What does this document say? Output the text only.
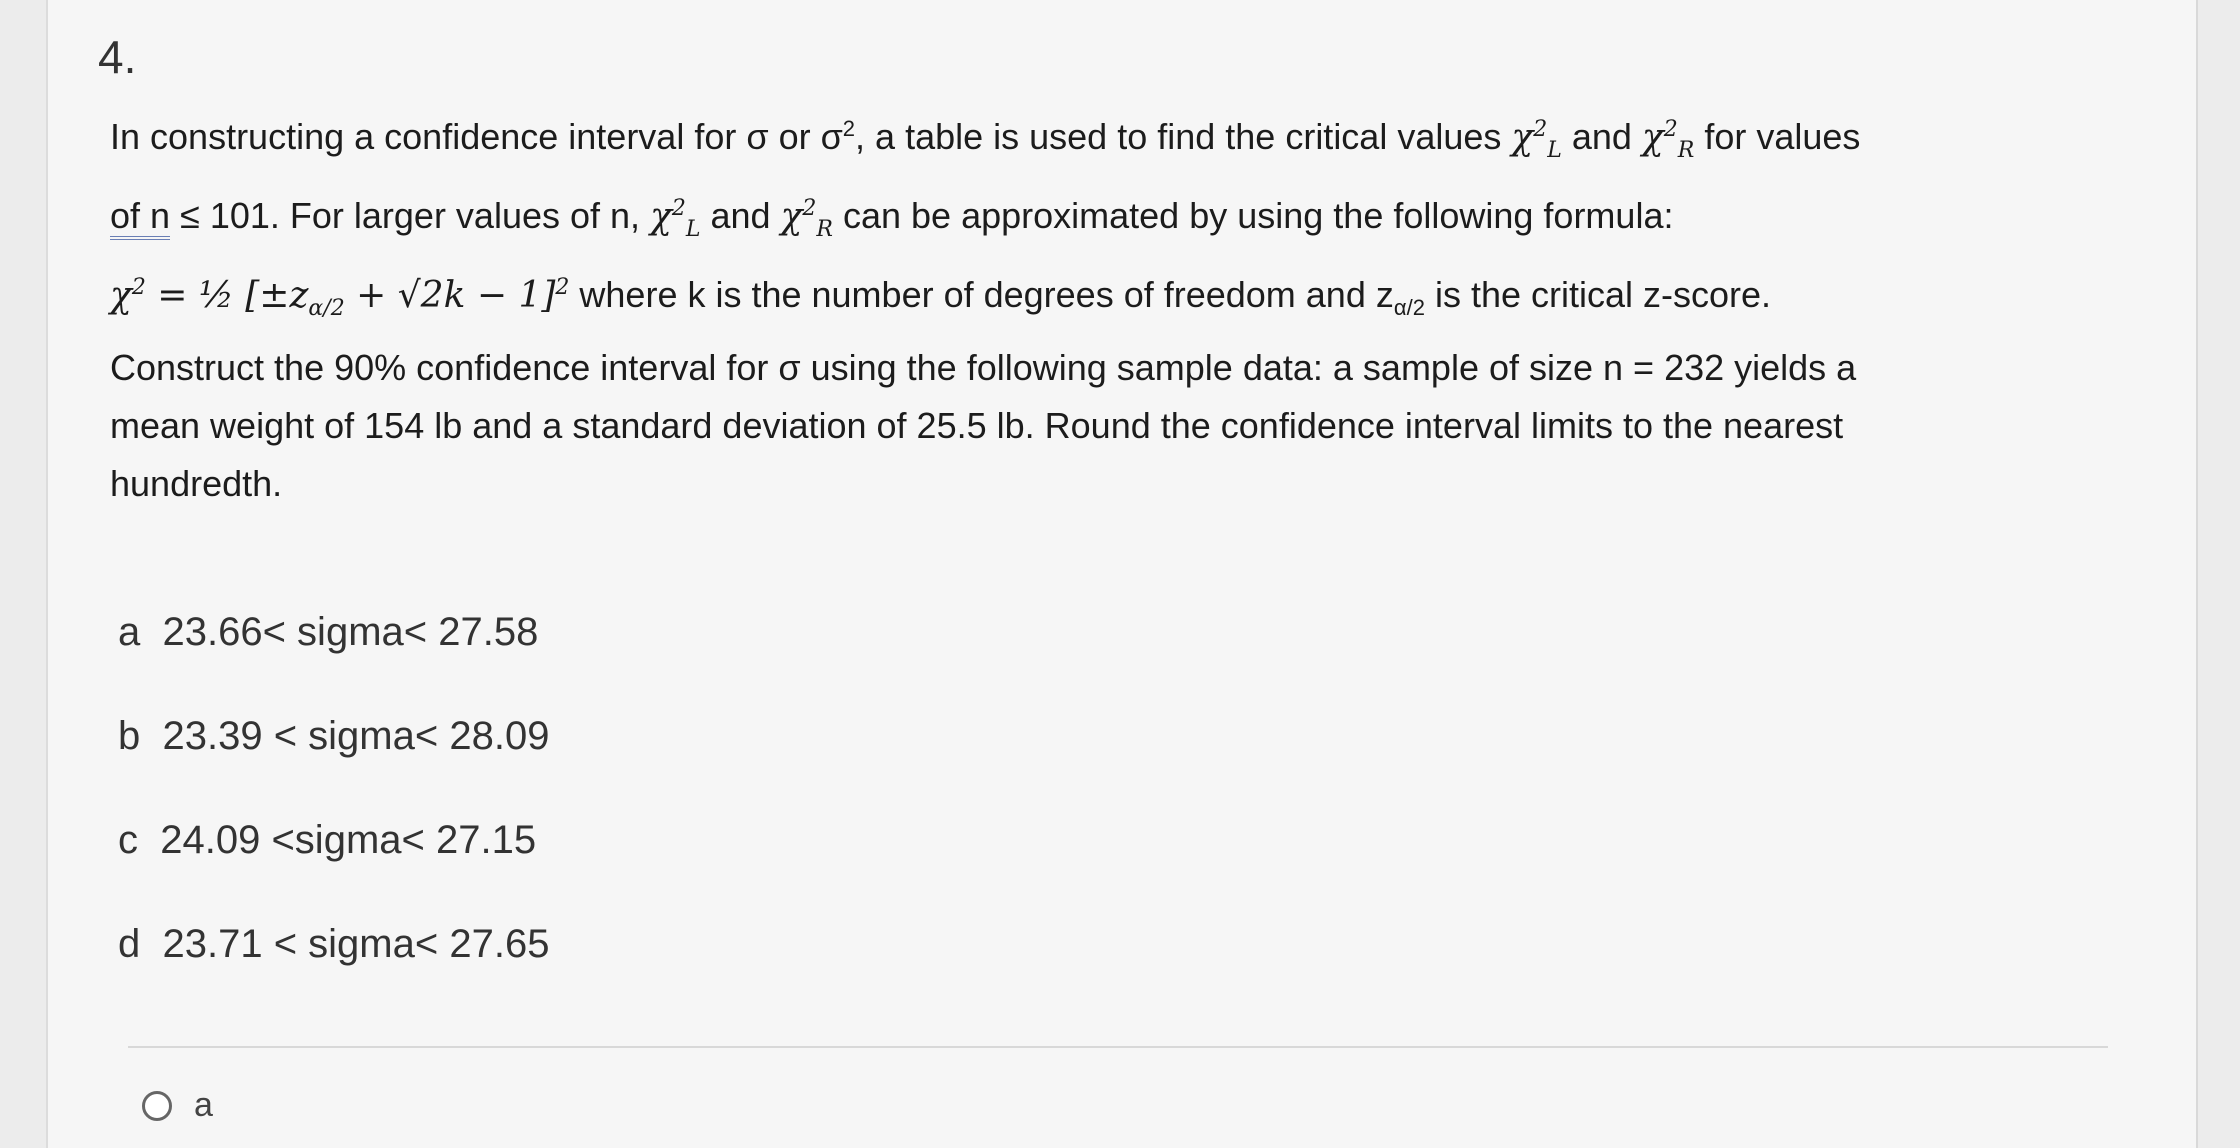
4.

In constructing a confidence interval for σ or $\sigma^2$, a table is used to find the critical values $\chi^2_L$ and $\chi^2_R$ for values

of n ≤ 101. For larger values of n, $\chi^2_L$ and $\chi^2_R$ can be approximated by using the following formula:

$\chi^2$ = ½ $[\pm z_{\alpha/2} + √2k - 1]^2$ where k is the number of degrees of freedom and $z_{\alpha/2}$ is the critical z-score.

Construct the 90% confidence interval for σ using the following sample data: a sample of size n = 232 yields a

mean weight of 154 lb and a standard deviation of 25.5 lb. Round the confidence interval limits to the nearest

hundredth.

a 23.66< sigma< 27.58
b 23.39 < sigma< 28.09
c 24.09 <sigma< 27.15
d 23.71 < sigma< 27.65
a
